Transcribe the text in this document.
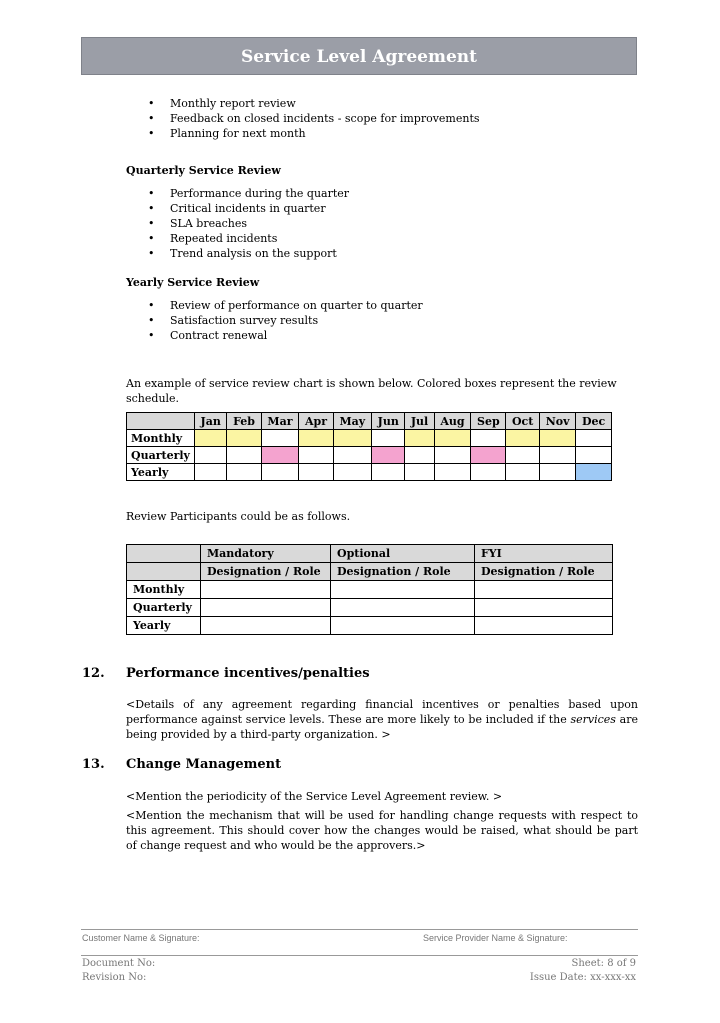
Service Level Agreement
• Monthly report review
• Feedback on closed incidents - scope for improvements
• Planning for next month
Quarterly Service Review
• Performance during the quarter
• Critical incidents in quarter
• SLA breaches
• Repeated incidents
• Trend analysis on the support
Yearly Service Review
• Review of performance on quarter to quarter
• Satisfaction survey results
• Contract renewal
An example of service review chart is shown below. Colored boxes represent the review schedule.
	Jan	Feb	Mar	Apr	May	Jun	Jul	Aug	Sep	Oct	Nov	Dec
Monthly												
Quarterly												
Yearly												
Review Participants could be as follows.
	Mandatory	Optional	FYI
	Designation / Role	Designation / Role	Designation / Role
Monthly			
Quarterly			
Yearly			
12. Performance incentives/penalties
<Details of any agreement regarding financial incentives or penalties based upon performance against service levels. These are more likely to be included if the services are being provided by a third-party organization. >
13. Change Management
<Mention the periodicity of the Service Level Agreement review. >
<Mention the mechanism that will be used for handling change requests with respect to this agreement. This should cover how the changes would be raised, what should be part of change request and who would be the approvers.>
Customer Name & Signature:	Service Provider Name & Signature:
Document No:
Revision No:
Sheet: 8 of 9
Issue Date: xx-xxx-xx
